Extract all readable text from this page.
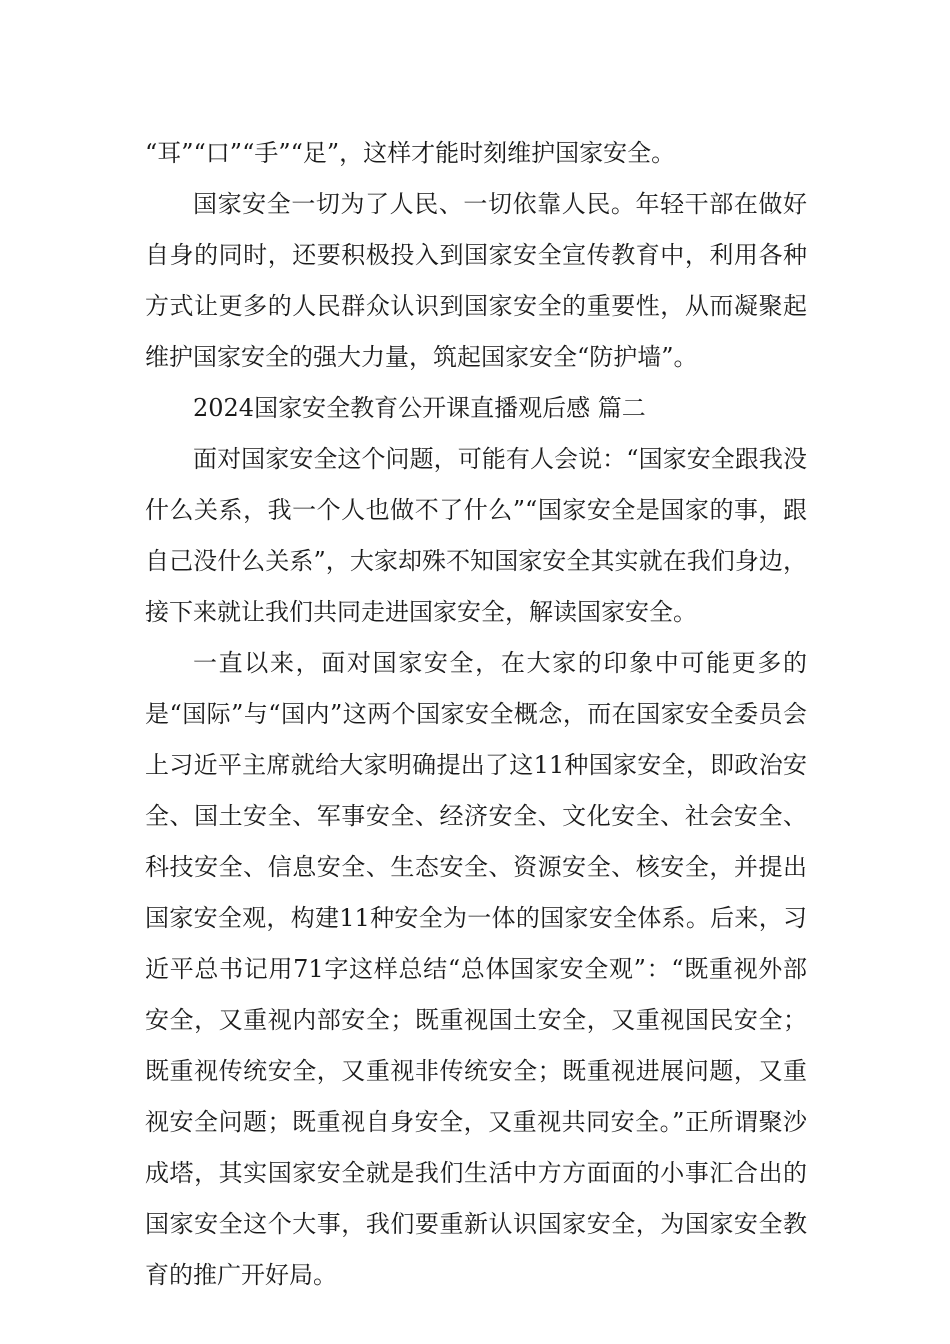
“耳”“口”“手”“足”，这样才能时刻维护国家安全。

国家安全一切为了人民、一切依靠人民。年轻干部在做好自身的同时，还要积极投入到国家安全宣传教育中，利用各种方式让更多的人民群众认识到国家安全的重要性，从而凝聚起维护国家安全的强大力量，筑起国家安全“防护墙”。

2024国家安全教育公开课直播观后感 篇二

面对国家安全这个问题，可能有人会说：“国家安全跟我没什么关系，我一个人也做不了什么”“国家安全是国家的事，跟自己没什么关系”，大家却殊不知国家安全其实就在我们身边，接下来就让我们共同走进国家安全，解读国家安全。

一直以来，面对国家安全，在大家的印象中可能更多的是“国际”与“国内”这两个国家安全概念，而在国家安全委员会上习近平主席就给大家明确提出了这11种国家安全，即政治安全、国土安全、军事安全、经济安全、文化安全、社会安全、科技安全、信息安全、生态安全、资源安全、核安全，并提出国家安全观，构建11种安全为一体的国家安全体系。后来，习近平总书记用71字这样总结“总体国家安全观”：“既重视外部安全，又重视内部安全；既重视国土安全，又重视国民安全；既重视传统安全，又重视非传统安全；既重视进展问题，又重视安全问题；既重视自身安全，又重视共同安全。”正所谓聚沙成塔，其实国家安全就是我们生活中方方面面的小事汇合出的国家安全这个大事，我们要重新认识国家安全，为国家安全教育的推广开好局。
